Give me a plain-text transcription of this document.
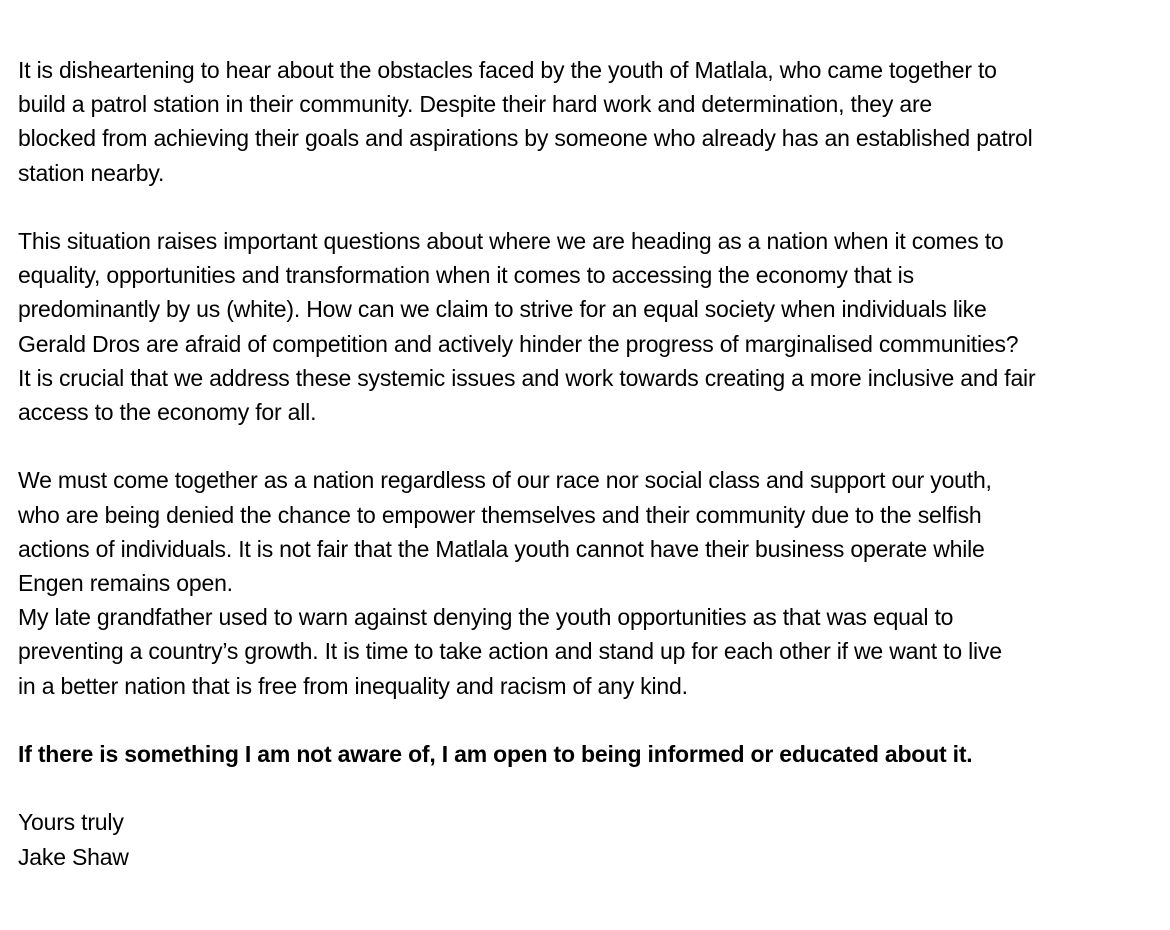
It is disheartening to hear about the obstacles faced by the youth of Matlala, who came together to
build a patrol station in their community. Despite their hard work and determination, they are
blocked from achieving their goals and aspirations by someone who already has an established patrol
station nearby.

This situation raises important questions about where we are heading as a nation when it comes to
equality, opportunities and transformation when it comes to accessing the economy that is
predominantly by us (white). How can we claim to strive for an equal society when individuals like
Gerald Dros are afraid of competition and actively hinder the progress of marginalised communities?
It is crucial that we address these systemic issues and work towards creating a more inclusive and fair
access to the economy for all.

We must come together as a nation regardless of our race nor social class and support our youth,
who are being denied the chance to empower themselves and their community due to the selfish
actions of individuals. It is not fair that the Matlala youth cannot have their business operate while
Engen remains open.

My late grandfather used to warn against denying the youth opportunities as that was equal to
preventing a country’s growth. It is time to take action and stand up for each other if we want to live
in a better nation that is free from inequality and racism of any kind.

If there is something I am not aware of, I am open to being informed or educated about it.

Yours truly
Jake Shaw
